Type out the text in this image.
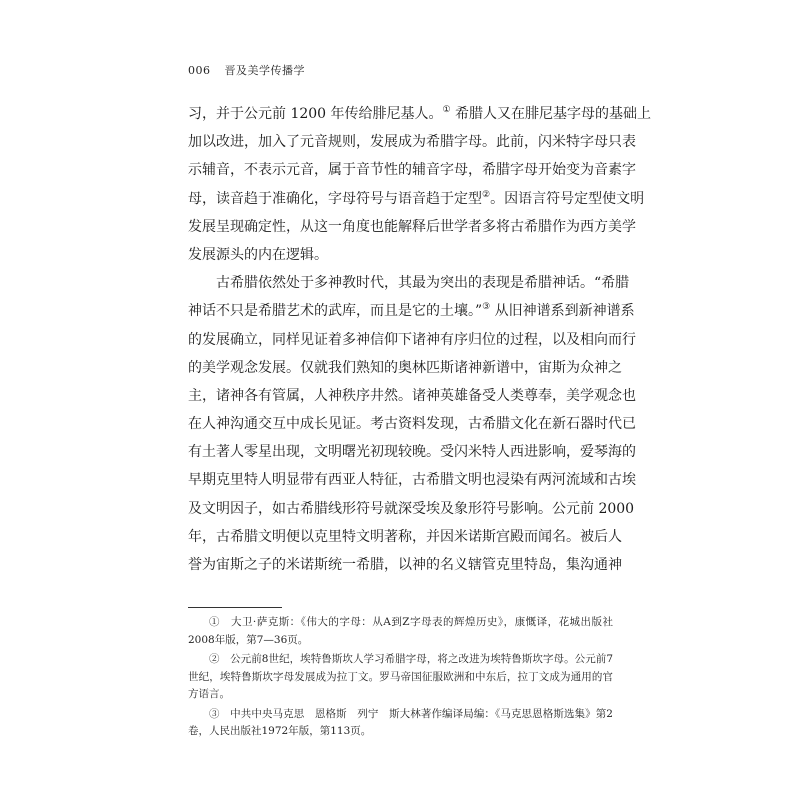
006 晋及美学传播学
习，并于公元前 1200 年传给腓尼基人。① 希腊人又在腓尼基字母的基础上
加以改进，加入了元音规则，发展成为希腊字母。此前，闪米特字母只表
示辅音，不表示元音，属于音节性的辅音字母，希腊字母开始变为音素字
母，读音趋于准确化，字母符号与语音趋于定型②。因语言符号定型使文明
发展呈现确定性，从这一角度也能解释后世学者多将古希腊作为西方美学
发展源头的内在逻辑。
古希腊依然处于多神教时代，其最为突出的表现是希腊神话。“希腊
神话不只是希腊艺术的武库，而且是它的土壤。”③ 从旧神谱系到新神谱系
的发展确立，同样见证着多神信仰下诸神有序归位的过程，以及相向而行
的美学观念发展。仅就我们熟知的奥林匹斯诸神新谱中，宙斯为众神之
主，诸神各有管属，人神秩序井然。诸神英雄备受人类尊奉，美学观念也
在人神沟通交互中成长见证。考古资料发现，古希腊文化在新石器时代已
有土著人零星出现，文明曙光初现较晚。受闪米特人西进影响，爱琴海的
早期克里特人明显带有西亚人特征，古希腊文明也浸染有两河流域和古埃
及文明因子，如古希腊线形符号就深受埃及象形符号影响。公元前 2000
年，古希腊文明便以克里特文明著称，并因米诺斯宫殿而闻名。被后人
誉为宙斯之子的米诺斯统一希腊，以神的名义辖管克里特岛，集沟通神
①　大卫·萨克斯：《伟大的字母：从A到Z字母表的辉煌历史》，康慨译，花城出版社
2008年版，第7—36页。
②　公元前8世纪，埃特鲁斯坎人学习希腊字母，将之改进为埃特鲁斯坎字母。公元前7
世纪，埃特鲁斯坎字母发展成为拉丁文。罗马帝国征服欧洲和中东后，拉丁文成为通用的官
方语言。
③　中共中央马克思　恩格斯　列宁　斯大林著作编译局编：《马克思恩格斯选集》第2
卷，人民出版社1972年版，第113页。
